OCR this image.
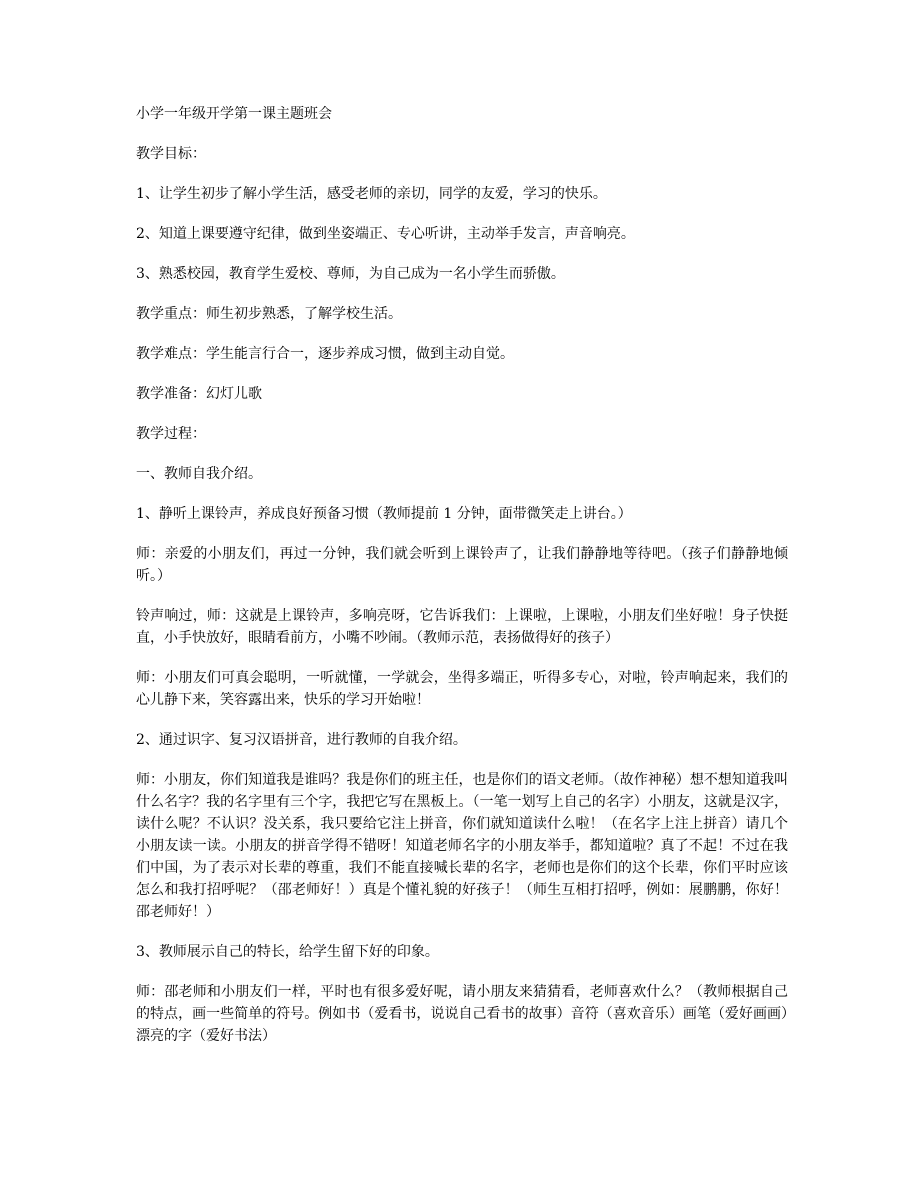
小学一年级开学第一课主题班会

教学目标：

1、让学生初步了解小学生活，感受老师的亲切，同学的友爱，学习的快乐。

2、知道上课要遵守纪律，做到坐姿端正、专心听讲，主动举手发言，声音响亮。

3、熟悉校园，教育学生爱校、尊师，为自己成为一名小学生而骄傲。

教学重点：师生初步熟悉，了解学校生活。

教学难点：学生能言行合一，逐步养成习惯，做到主动自觉。

教学准备：幻灯儿歌

教学过程：

一、教师自我介绍。

1、静听上课铃声，养成良好预备习惯（教师提前 1 分钟，面带微笑走上讲台。）

师：亲爱的小朋友们，再过一分钟，我们就会听到上课铃声了，让我们静静地等待吧。（孩子们静静地倾听。）

铃声响过，师：这就是上课铃声，多响亮呀，它告诉我们：上课啦，上课啦，小朋友们坐好啦！身子快挺直，小手快放好，眼睛看前方，小嘴不吵闹。（教师示范，表扬做得好的孩子）

师：小朋友们可真会聪明，一听就懂，一学就会，坐得多端正，听得多专心，对啦，铃声响起来，我们的心儿静下来，笑容露出来，快乐的学习开始啦！

2、通过识字、复习汉语拼音，进行教师的自我介绍。

师：小朋友，你们知道我是谁吗？我是你们的班主任，也是你们的语文老师。（故作神秘）想不想知道我叫什么名字？我的名字里有三个字，我把它写在黑板上。（一笔一划写上自己的名字）小朋友，这就是汉字，读什么呢？不认识？没关系，我只要给它注上拼音，你们就知道读什么啦！（在名字上注上拼音）请几个小朋友读一读。小朋友的拼音学得不错呀！知道老师名字的小朋友举手，都知道啦？真了不起！不过在我们中国，为了表示对长辈的尊重，我们不能直接喊长辈的名字，老师也是你们的这个长辈，你们平时应该怎么和我打招呼呢？（邵老师好！）真是个懂礼貌的好孩子！（师生互相打招呼，例如：展鹏鹏，你好！邵老师好！）

3、教师展示自己的特长，给学生留下好的印象。

师：邵老师和小朋友们一样，平时也有很多爱好呢，请小朋友来猜猜看，老师喜欢什么？（教师根据自己的特点，画一些简单的符号。例如书（爱看书，说说自己看书的故事）音符（喜欢音乐）画笔（爱好画画）漂亮的字（爱好书法）
